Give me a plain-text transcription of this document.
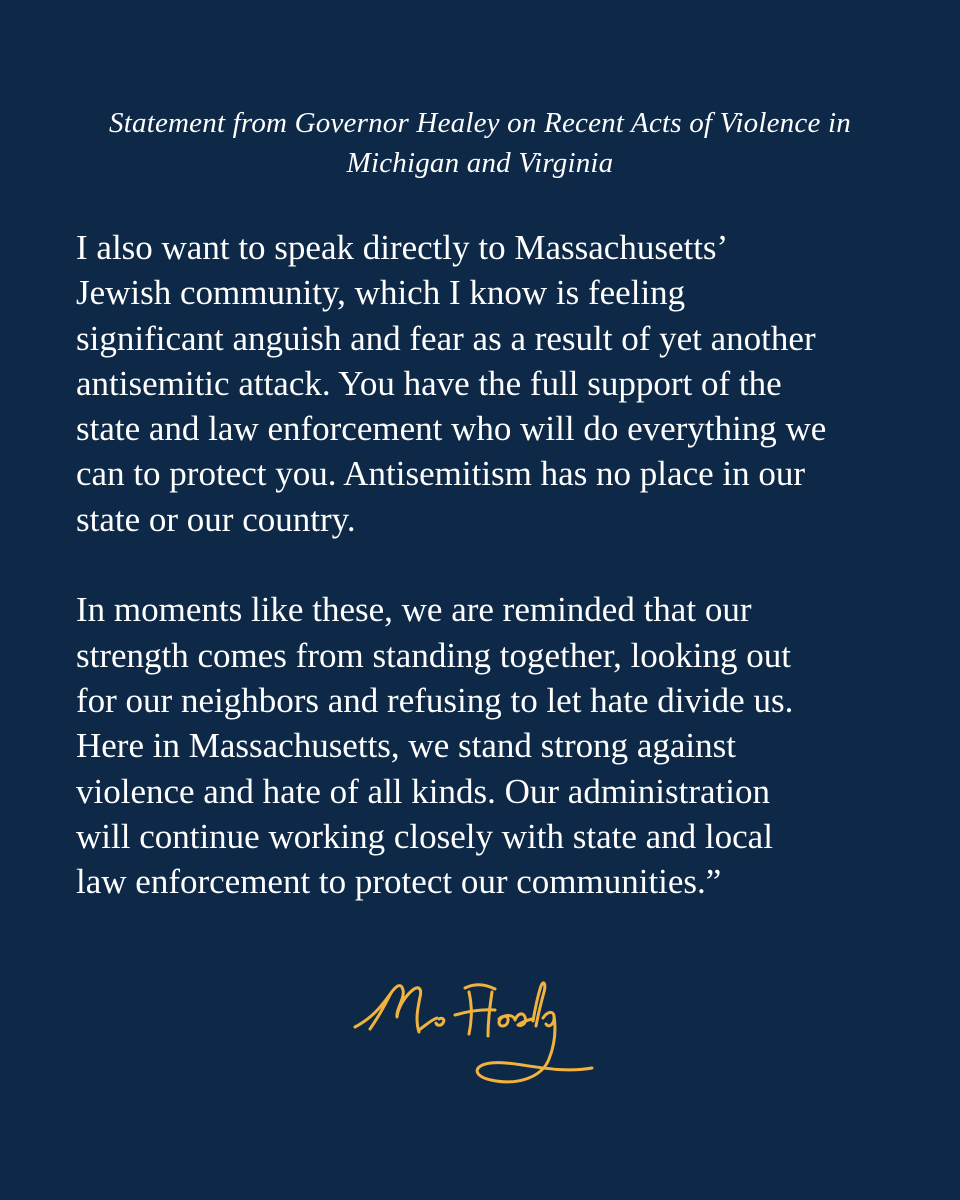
Statement from Governor Healey on Recent Acts of Violence in
Michigan and Virginia

I also want to speak directly to Massachusetts’
Jewish community, which I know is feeling
significant anguish and fear as a result of yet another
antisemitic attack. You have the full support of the
state and law enforcement who will do everything we
can to protect you. Antisemitism has no place in our
state or our country.

In moments like these, we are reminded that our
strength comes from standing together, looking out
for our neighbors and refusing to let hate divide us.
Here in Massachusetts, we stand strong against
violence and hate of all kinds. Our administration
will continue working closely with state and local
law enforcement to protect our communities.”
